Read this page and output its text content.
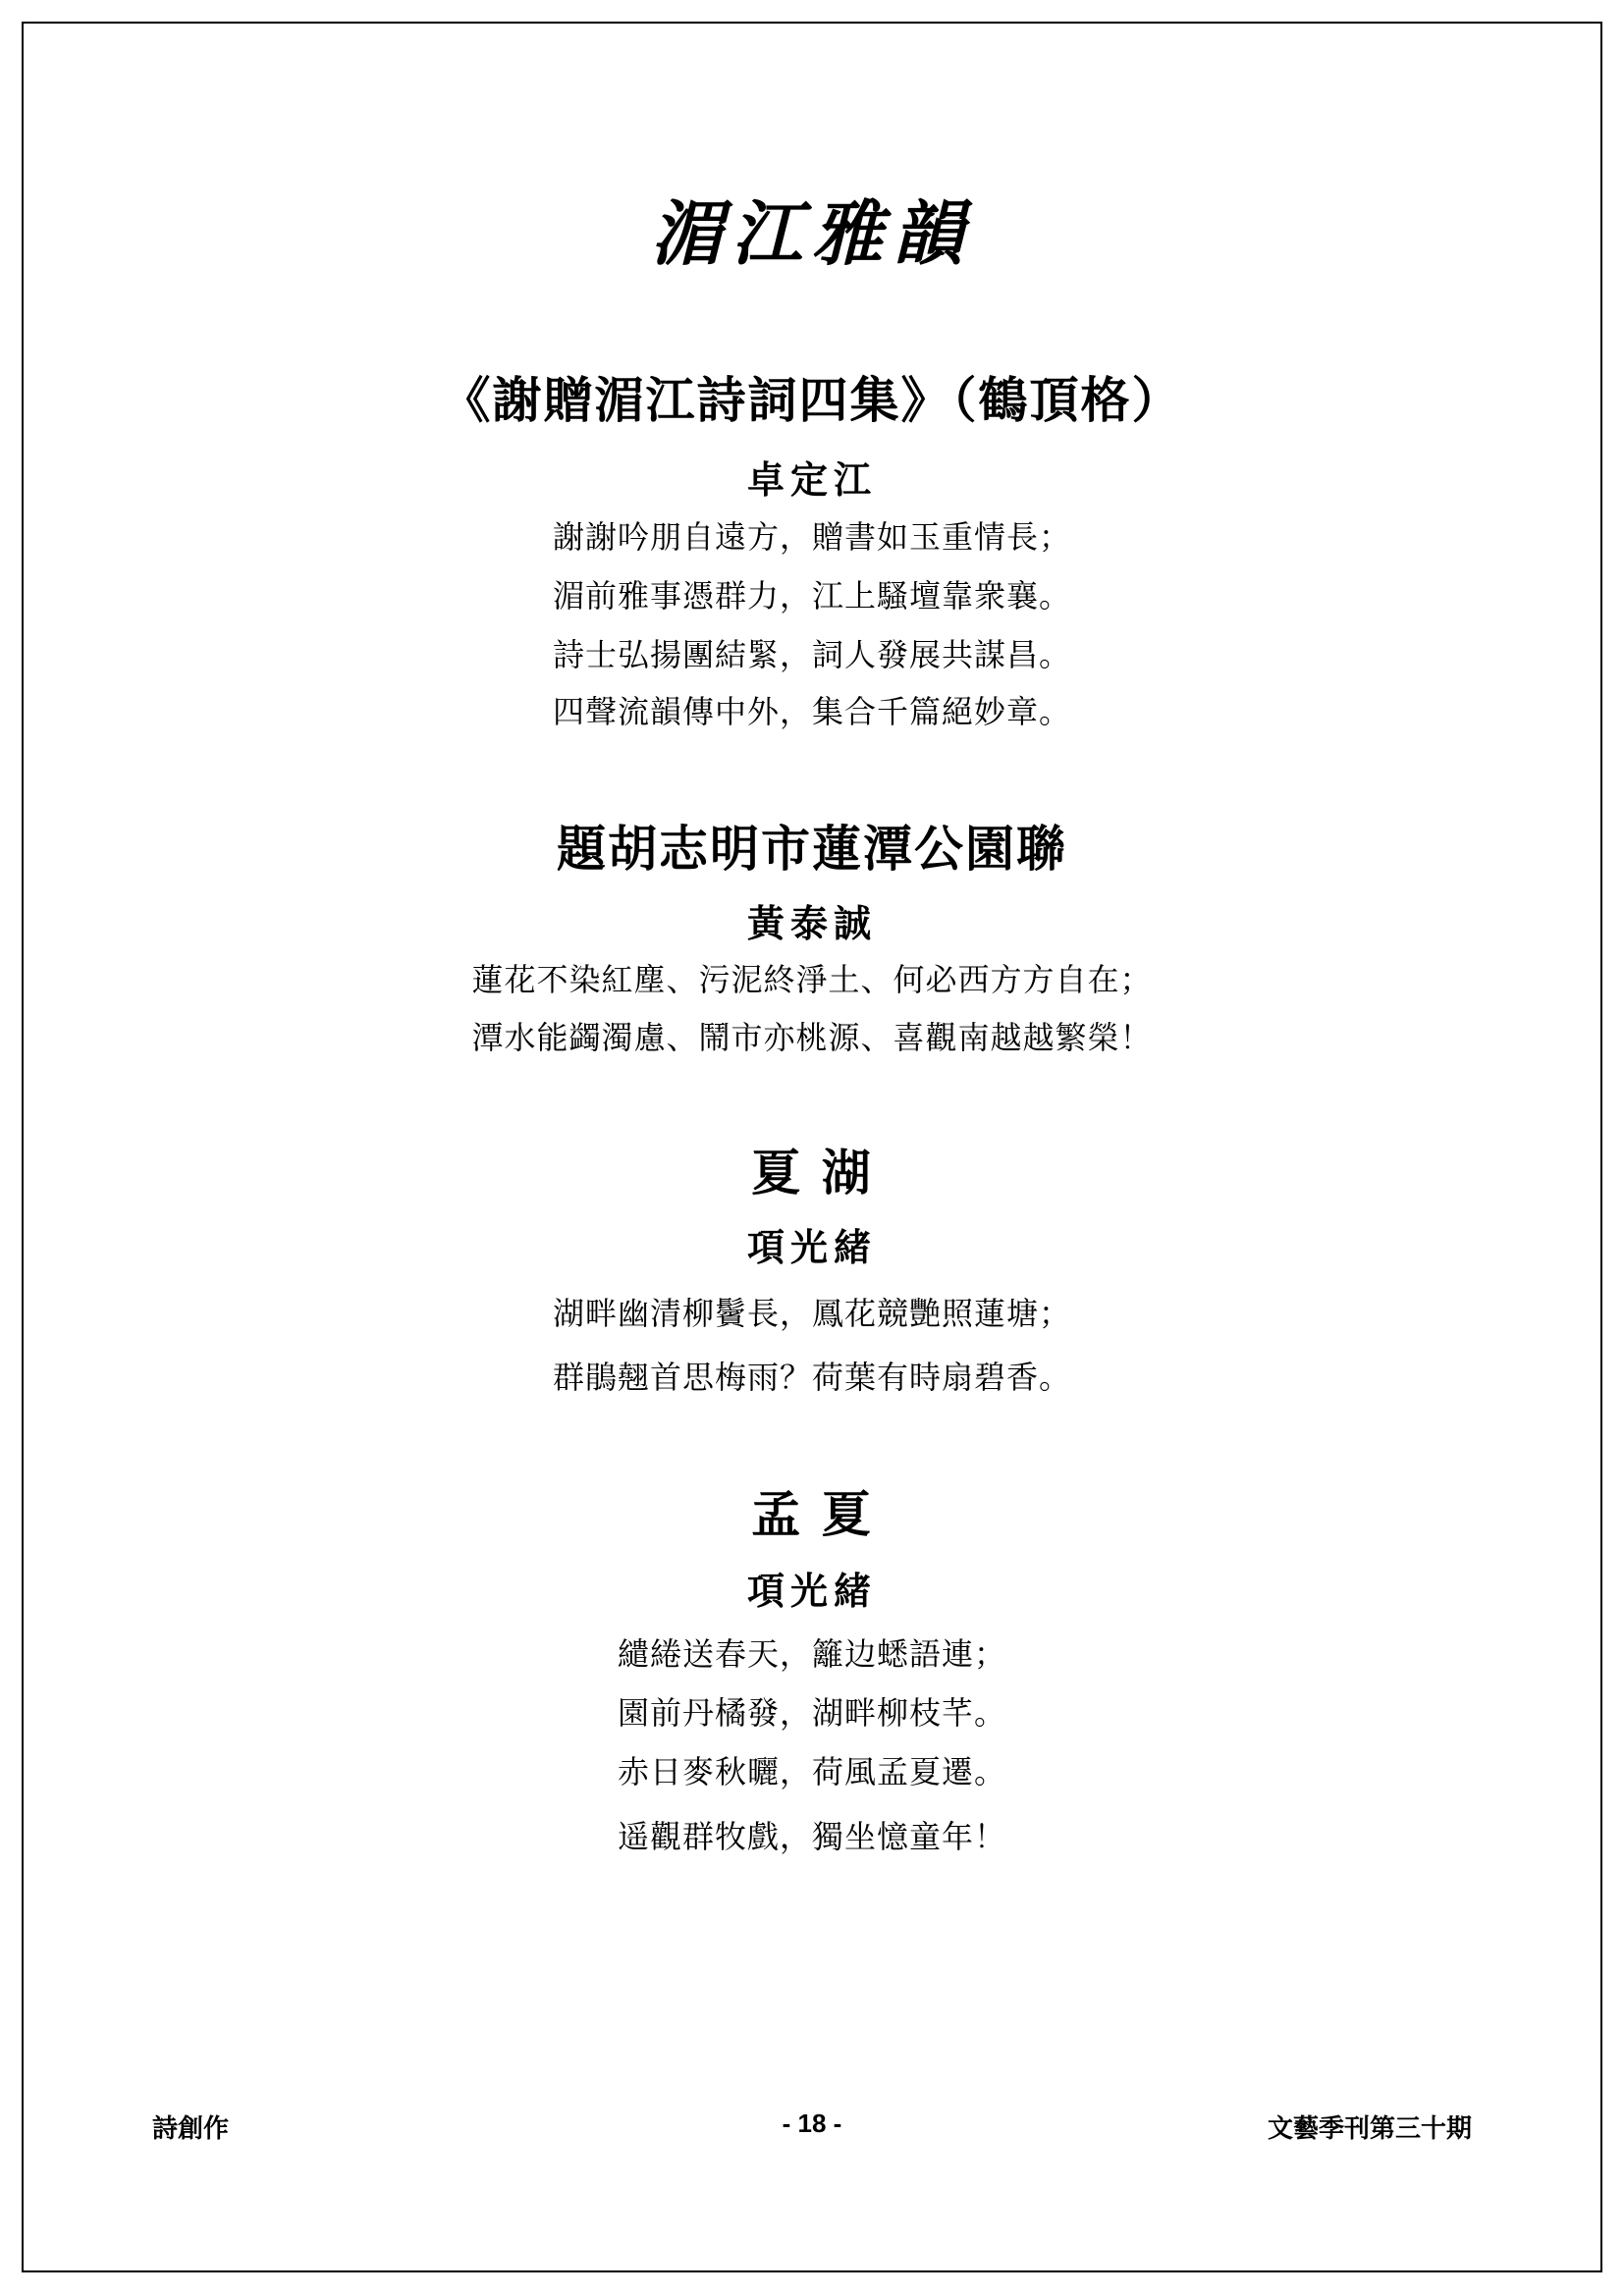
湄江雅韻
《謝贈湄江詩詞四集》（鶴頂格）
卓定江
謝謝吟朋自遠方，贈書如玉重情長；
湄前雅事憑群力，江上騷壇靠衆襄。
詩士弘揚團結緊，詞人發展共謀昌。
四聲流韻傳中外，集合千篇絕妙章。
題胡志明市蓮潭公園聯
黃泰誠
蓮花不染紅塵、污泥終淨土、何必西方方自在；
潭水能蠲濁慮、鬧市亦桃源、喜觀南越越繁榮！
夏 湖
項光緒
湖畔幽清柳鬢長，鳳花競艷照蓮塘；
群鵑翹首思梅雨？荷葉有時扇碧香。
孟 夏
項光緒
繾綣送春天，籬边蟋語連；
園前丹橘發，湖畔柳枝芊。
赤日麥秋曬，荷風孟夏遷。
遥觀群牧戲，獨坐憶童年！
詩創作	- 18 -	文藝季刊第三十期
